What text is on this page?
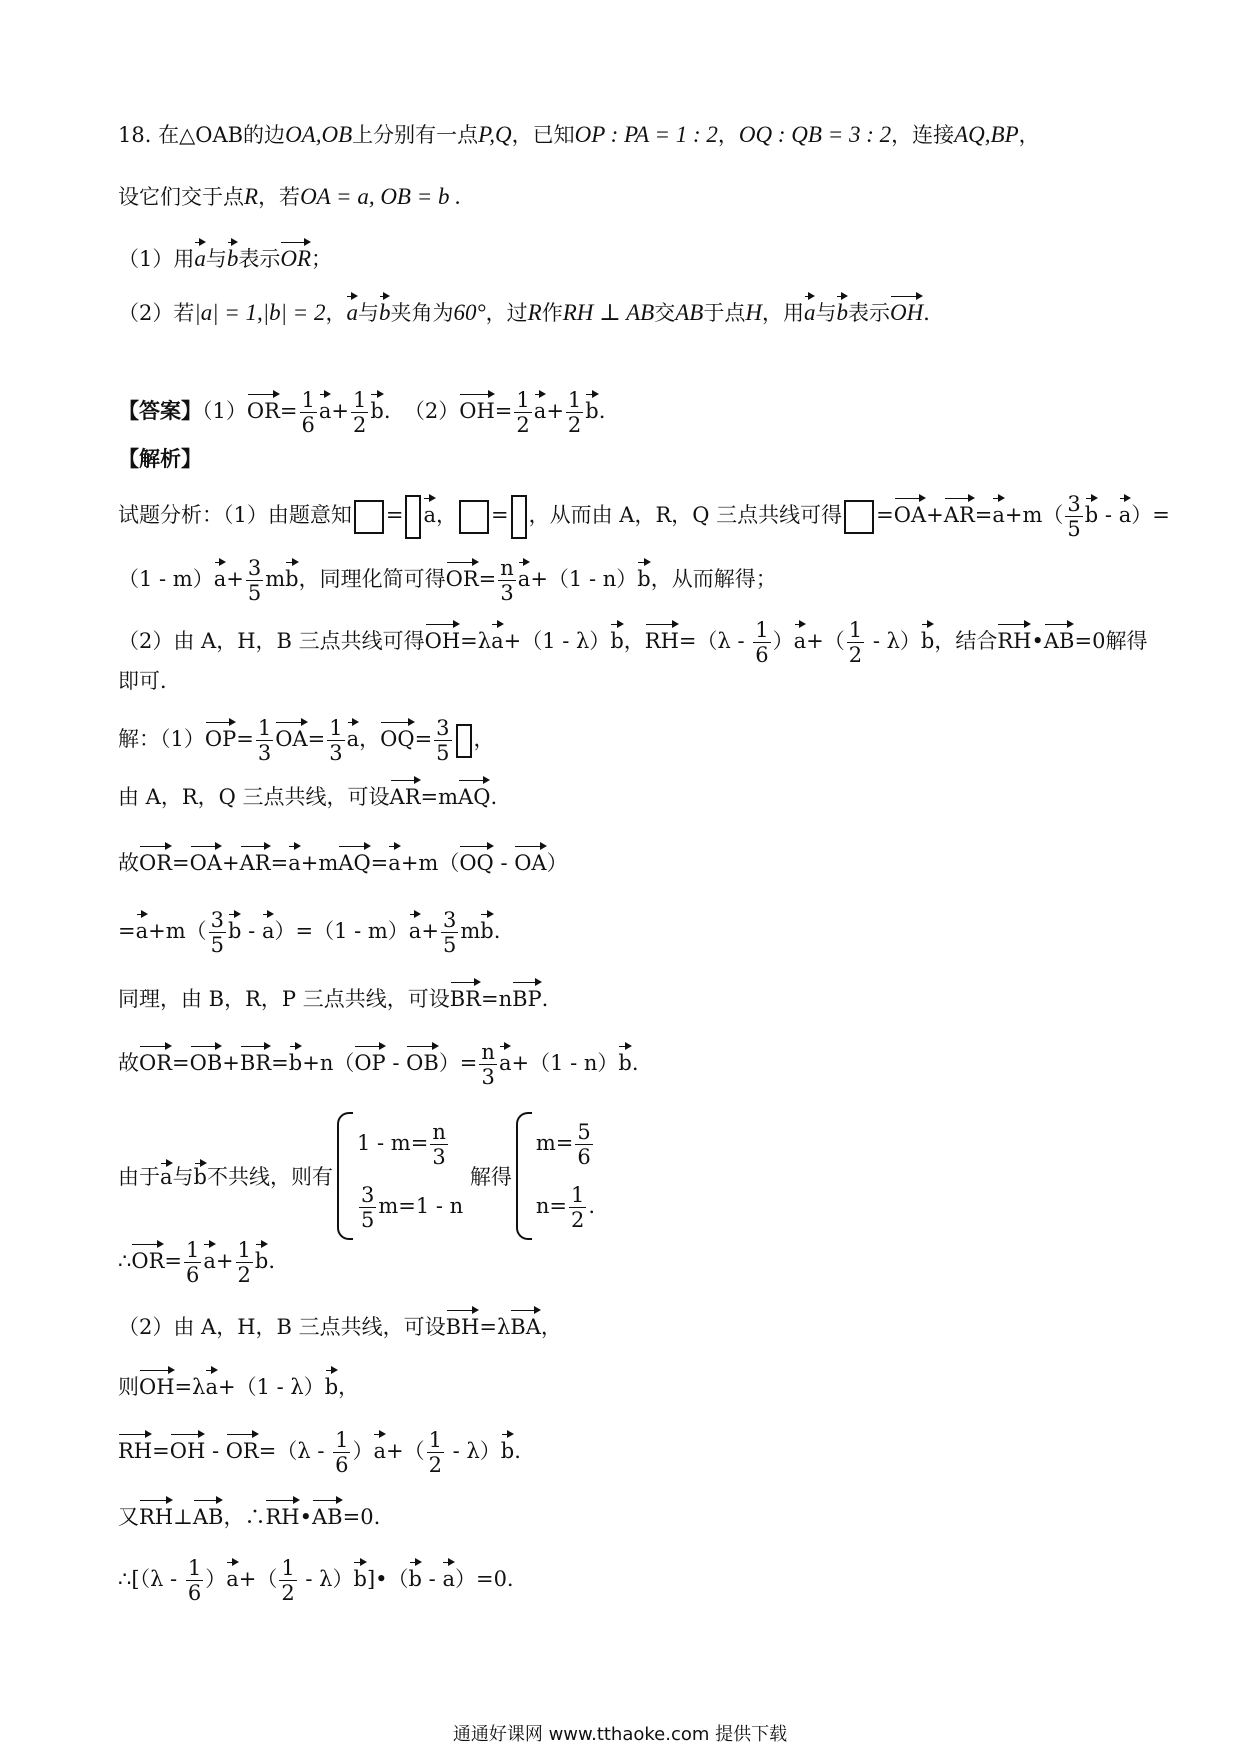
18. 在△OAB的边OA,OB上分别有一点P,Q，已知OP : PA = 1 : 2，OQ : QB = 3 : 2，连接AQ,BP，
设它们交于点R，若OA = a, OB = b .
（1）用a与b表示OR；
（2）若|a| = 1,|b| = 2，a与b夹角为60°，过R作RH ⊥ AB交AB于点H，用a与b表示OH．
【答案】$(1)OR= \frac{1}{6} a+ \frac{1}{2} b$.  $(2)OH= \frac{1}{2} a+ \frac{1}{2} b$.
【解析】
试题分析：（1）由题意知 = a， = ，从而由 A，R，Q 三点共线可得 $=OA+AR=a+m( \frac{3}{5}$ b - a）=
$(1 - m)a+ \frac{3}{5}$ mb，同理化简可得$OR= \frac{n}{3} a+(1 - n)b$，从而解得；
（2）由 A，H，B 三点共线可得OH=λa+（1 - λ）b，$RH=(\lambda - \frac{1}{6} )a+( \frac{1}{2} - \lambda)b$，结合RH•AB=0解得
即可．
解：$(1)OP= \frac{1}{3} OA= \frac{1}{3}$ a，$OQ= \frac{3}{5}$ ，
由 A，R，Q 三点共线，可设AR=mAQ.
故OR=OA+AR=a+mAQ=a+m（OQ - OA）
$=a+m( \frac{3}{5}$ $b - a)=(1 - m)a+ \frac{3}{5}$ mb.
同理，由 B，R，P 三点共线，可设BR=nBP.
故$OR=OB+BR=b+n(OP - OB)= \frac{n}{3} a+(1 - n)b$.
由于a与b不共线，则有
$1 - m= \frac{n}{3}$
$\frac{3}{5} m=1 - n$
解得
$m= \frac{5}{6}$
$n= \frac{1}{2}$ .
∴OR= $\frac{1}{6} a+ \frac{1}{2} b$.
（2）由 A，H，B 三点共线，可设BH=λBA，
则OH=λa+（1 - λ）b，
$RH=OH - OR=(\lambda - \frac{1}{6} )a+( \frac{1}{2} - \lambda)b$.
又RH⊥AB，∴RH•AB=0.
∴[（λ - $\frac{1}{6} )a+( \frac{1}{2}$ - λ）b]•（b - a）=0.
通通好课网 www.tthaoke.com 提供下载
